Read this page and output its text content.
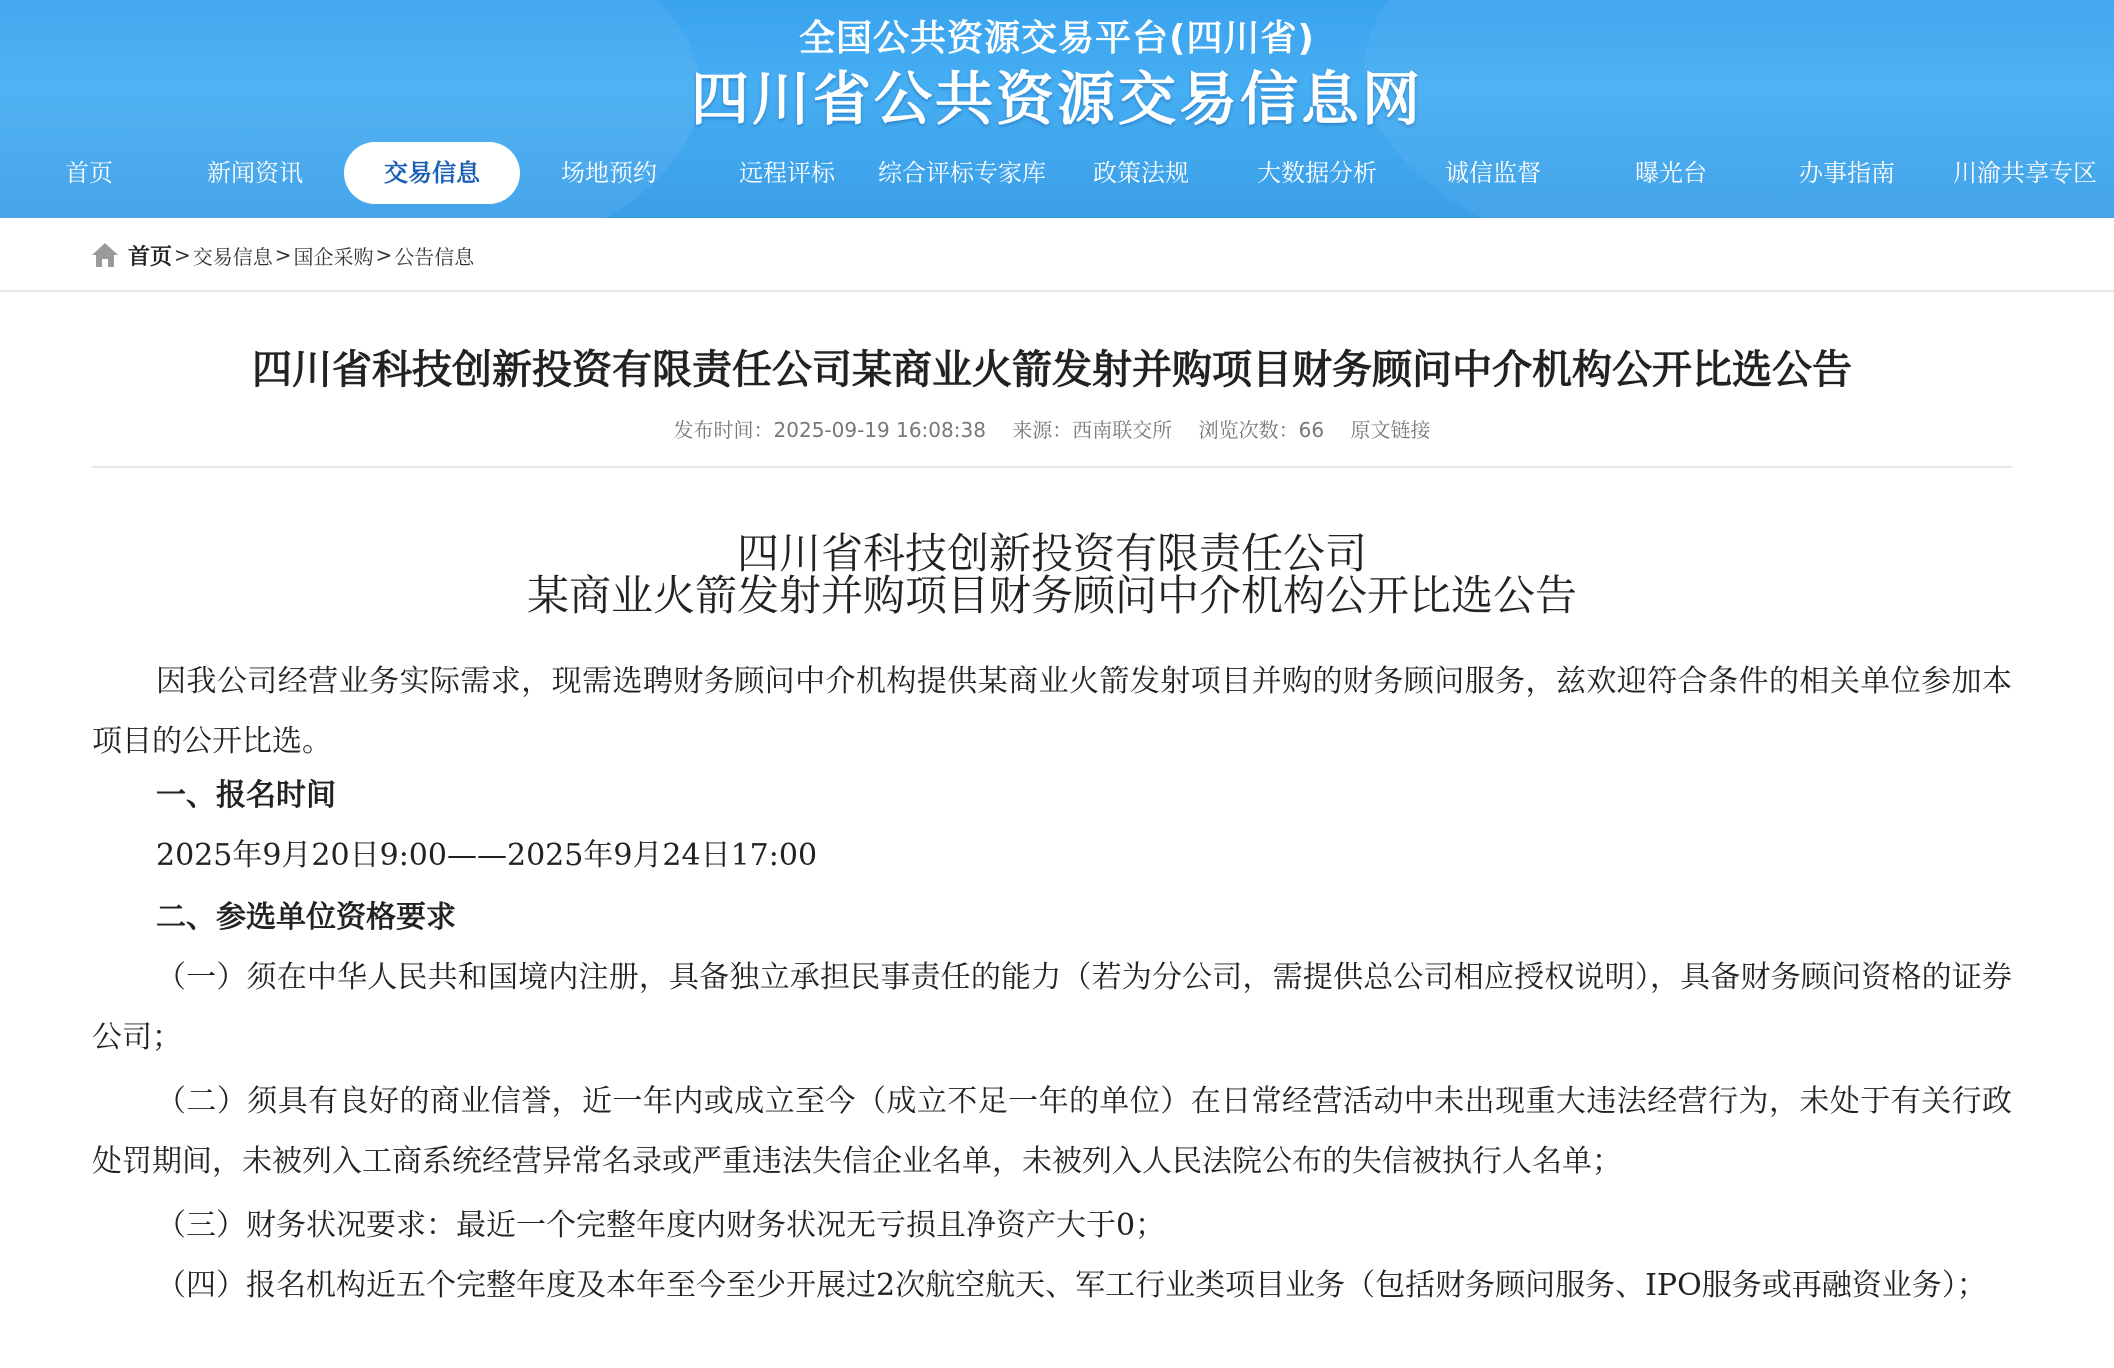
全国公共资源交易平台(四川省)
四川省公共资源交易信息网
首页	新闻资讯	交易信息	场地预约	远程评标	综合评标专家库	政策法规	大数据分析	诚信监督	曝光台	办事指南	川渝共享专区
首页 > 交易信息 > 国企采购 > 公告信息
四川省科技创新投资有限责任公司某商业火箭发射并购项目财务顾问中介机构公开比选公告
发布时间：2025-09-19 16:08:38 来源：西南联交所 浏览次数：66 原文链接
四川省科技创新投资有限责任公司
某商业火箭发射并购项目财务顾问中介机构公开比选公告
因我公司经营业务实际需求，现需选聘财务顾问中介机构提供某商业火箭发射项目并购的财务顾问服务，兹欢迎符合条件的相关单位参加本项目的公开比选。
一、报名时间
2025年9月20日9:00——2025年9月24日17:00
二、参选单位资格要求
（一）须在中华人民共和国境内注册，具备独立承担民事责任的能力（若为分公司，需提供总公司相应授权说明），具备财务顾问资格的证券公司；
（二）须具有良好的商业信誉，近一年内或成立至今（成立不足一年的单位）在日常经营活动中未出现重大违法经营行为，未处于有关行政处罚期间，未被列入工商系统经营异常名录或严重违法失信企业名单，未被列入人民法院公布的失信被执行人名单；
（三）财务状况要求：最近一个完整年度内财务状况无亏损且净资产大于0；
（四）报名机构近五个完整年度及本年至今至少开展过2次航空航天、军工行业类项目业务（包括财务顾问服务、IPO服务或再融资业务）；
